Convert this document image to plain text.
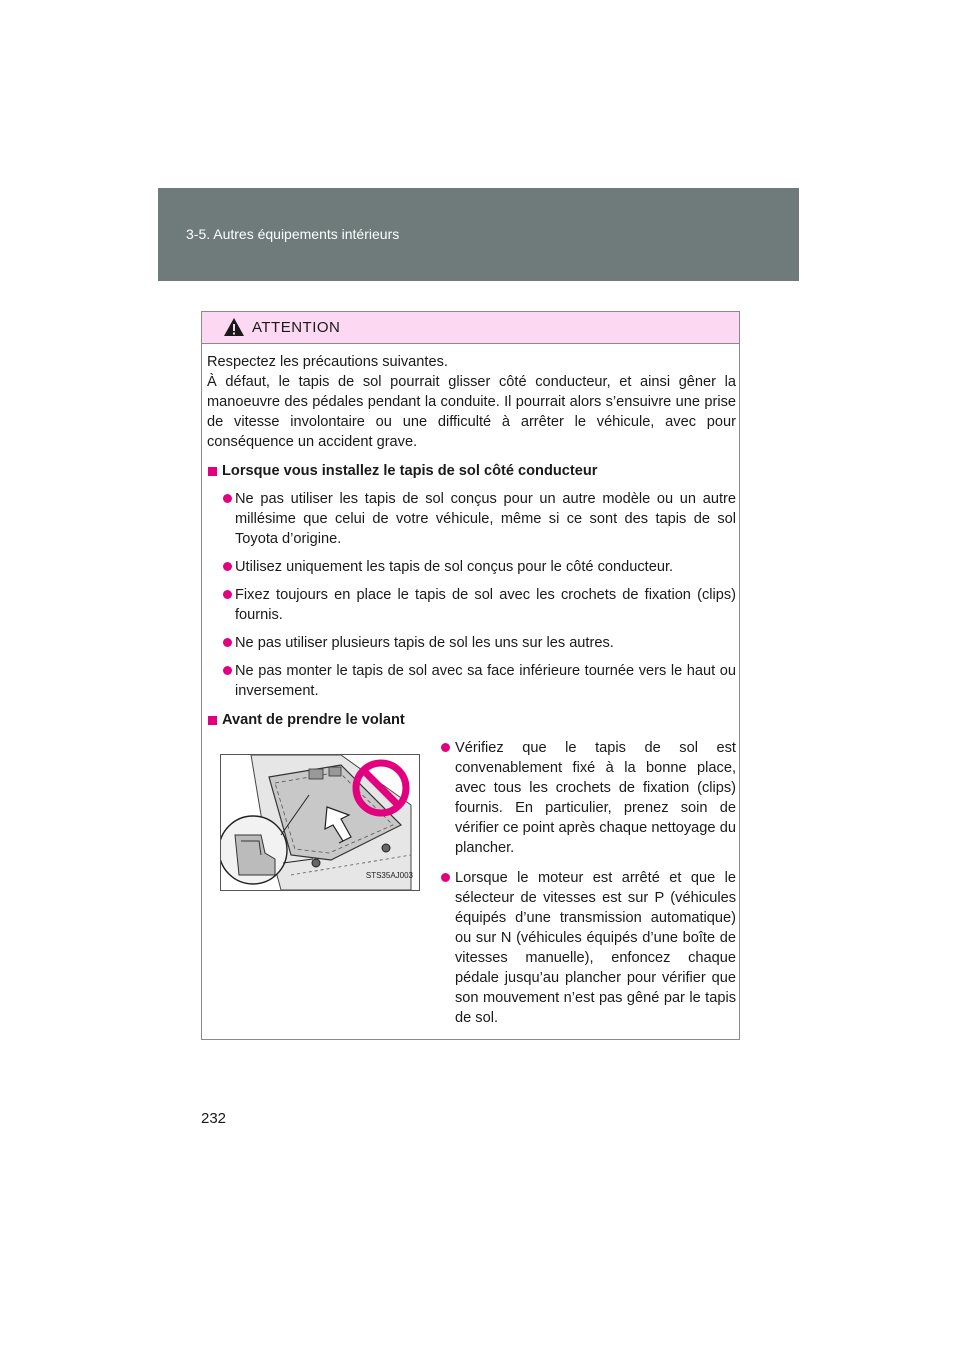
3-5. Autres équipements intérieurs
ATTENTION

Respectez les précautions suivantes.

À défaut, le tapis de sol pourrait glisser côté conducteur, et ainsi gêner la manoeuvre des pédales pendant la conduite. Il pourrait alors s’ensuivre une prise de vitesse involontaire ou une difficulté à arrêter le véhicule, avec pour conséquence un accident grave.

Lorsque vous installez le tapis de sol côté conducteur
Ne pas utiliser les tapis de sol conçus pour un autre modèle ou un autre millésime que celui de votre véhicule, même si ce sont des tapis de sol Toyota d’origine.
Utilisez uniquement les tapis de sol conçus pour le côté conducteur.
Fixez toujours en place le tapis de sol avec les crochets de fixation (clips) fournis.
Ne pas utiliser plusieurs tapis de sol les uns sur les autres.
Ne pas monter le tapis de sol avec sa face inférieure tournée vers le haut ou inversement.
Avant de prendre le volant
STS35AJ003
Vérifiez que le tapis de sol est convenablement fixé à la bonne place, avec tous les crochets de fixation (clips) fournis. En particulier, prenez soin de vérifier ce point après chaque nettoyage du plancher.
Lorsque le moteur est arrêté et que le sélecteur de vitesses est sur P (véhicules équipés d’une transmission automatique) ou sur N (véhicules équipés d’une boîte de vitesses manuelle), enfoncez chaque pédale jusqu’au plancher pour vérifier que son mouvement n’est pas gêné par le tapis de sol.
232
